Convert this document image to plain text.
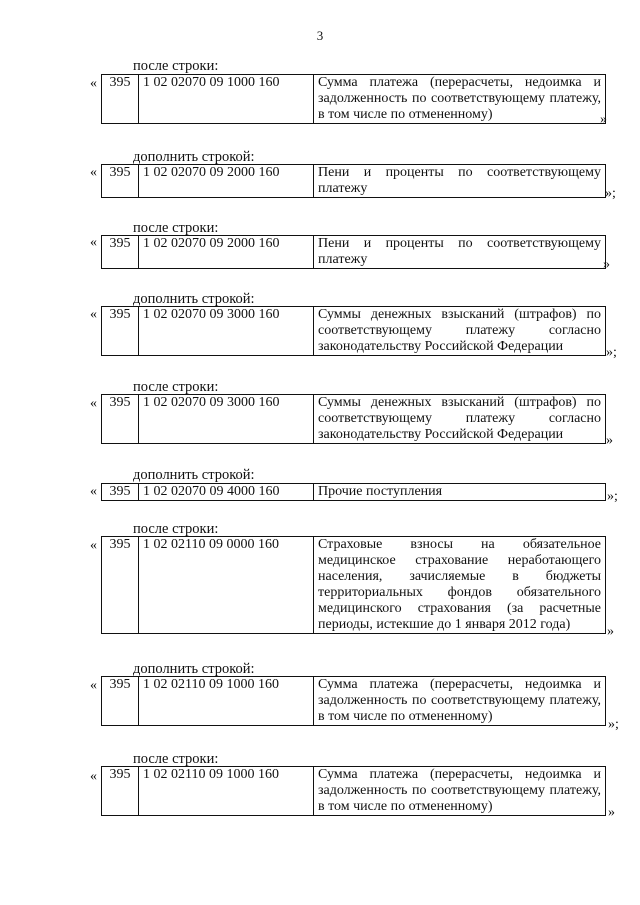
3
после строки:
« 395	1 02 02070 09 1000 160	Сумма платежа (перерасчеты, недоимка и задолженность по соответствующему платежу, в том числе по отмененному)	»
дополнить строкой:
« 395	1 02 02070 09 2000 160	Пени и проценты по соответствующему платежу	»;
после строки:
« 395	1 02 02070 09 2000 160	Пени и проценты по соответствующему платежу	»
дополнить строкой:
« 395	1 02 02070 09 3000 160	Суммы денежных взысканий (штрафов) по соответствующему платежу согласно законодательству Российской Федерации	»;
после строки:
« 395	1 02 02070 09 3000 160	Суммы денежных взысканий (штрафов) по соответствующему платежу согласно законодательству Российской Федерации	»
дополнить строкой:
« 395	1 02 02070 09 4000 160	Прочие поступления	»;
после строки:
« 395	1 02 02110 09 0000 160	Страховые взносы на обязательное медицинское страхование неработающего населения, зачисляемые в бюджеты территориальных фондов обязательного медицинского страхования (за расчетные периоды, истекшие до 1 января 2012 года)	»
дополнить строкой:
« 395	1 02 02110 09 1000 160	Сумма платежа (перерасчеты, недоимка и задолженность по соответствующему платежу, в том числе по отмененному)
»;
после строки:
« 395	1 02 02110 09 1000 160	Сумма платежа (перерасчеты, недоимка и задолженность по соответствующему платежу, в том числе по отмененному)	»
